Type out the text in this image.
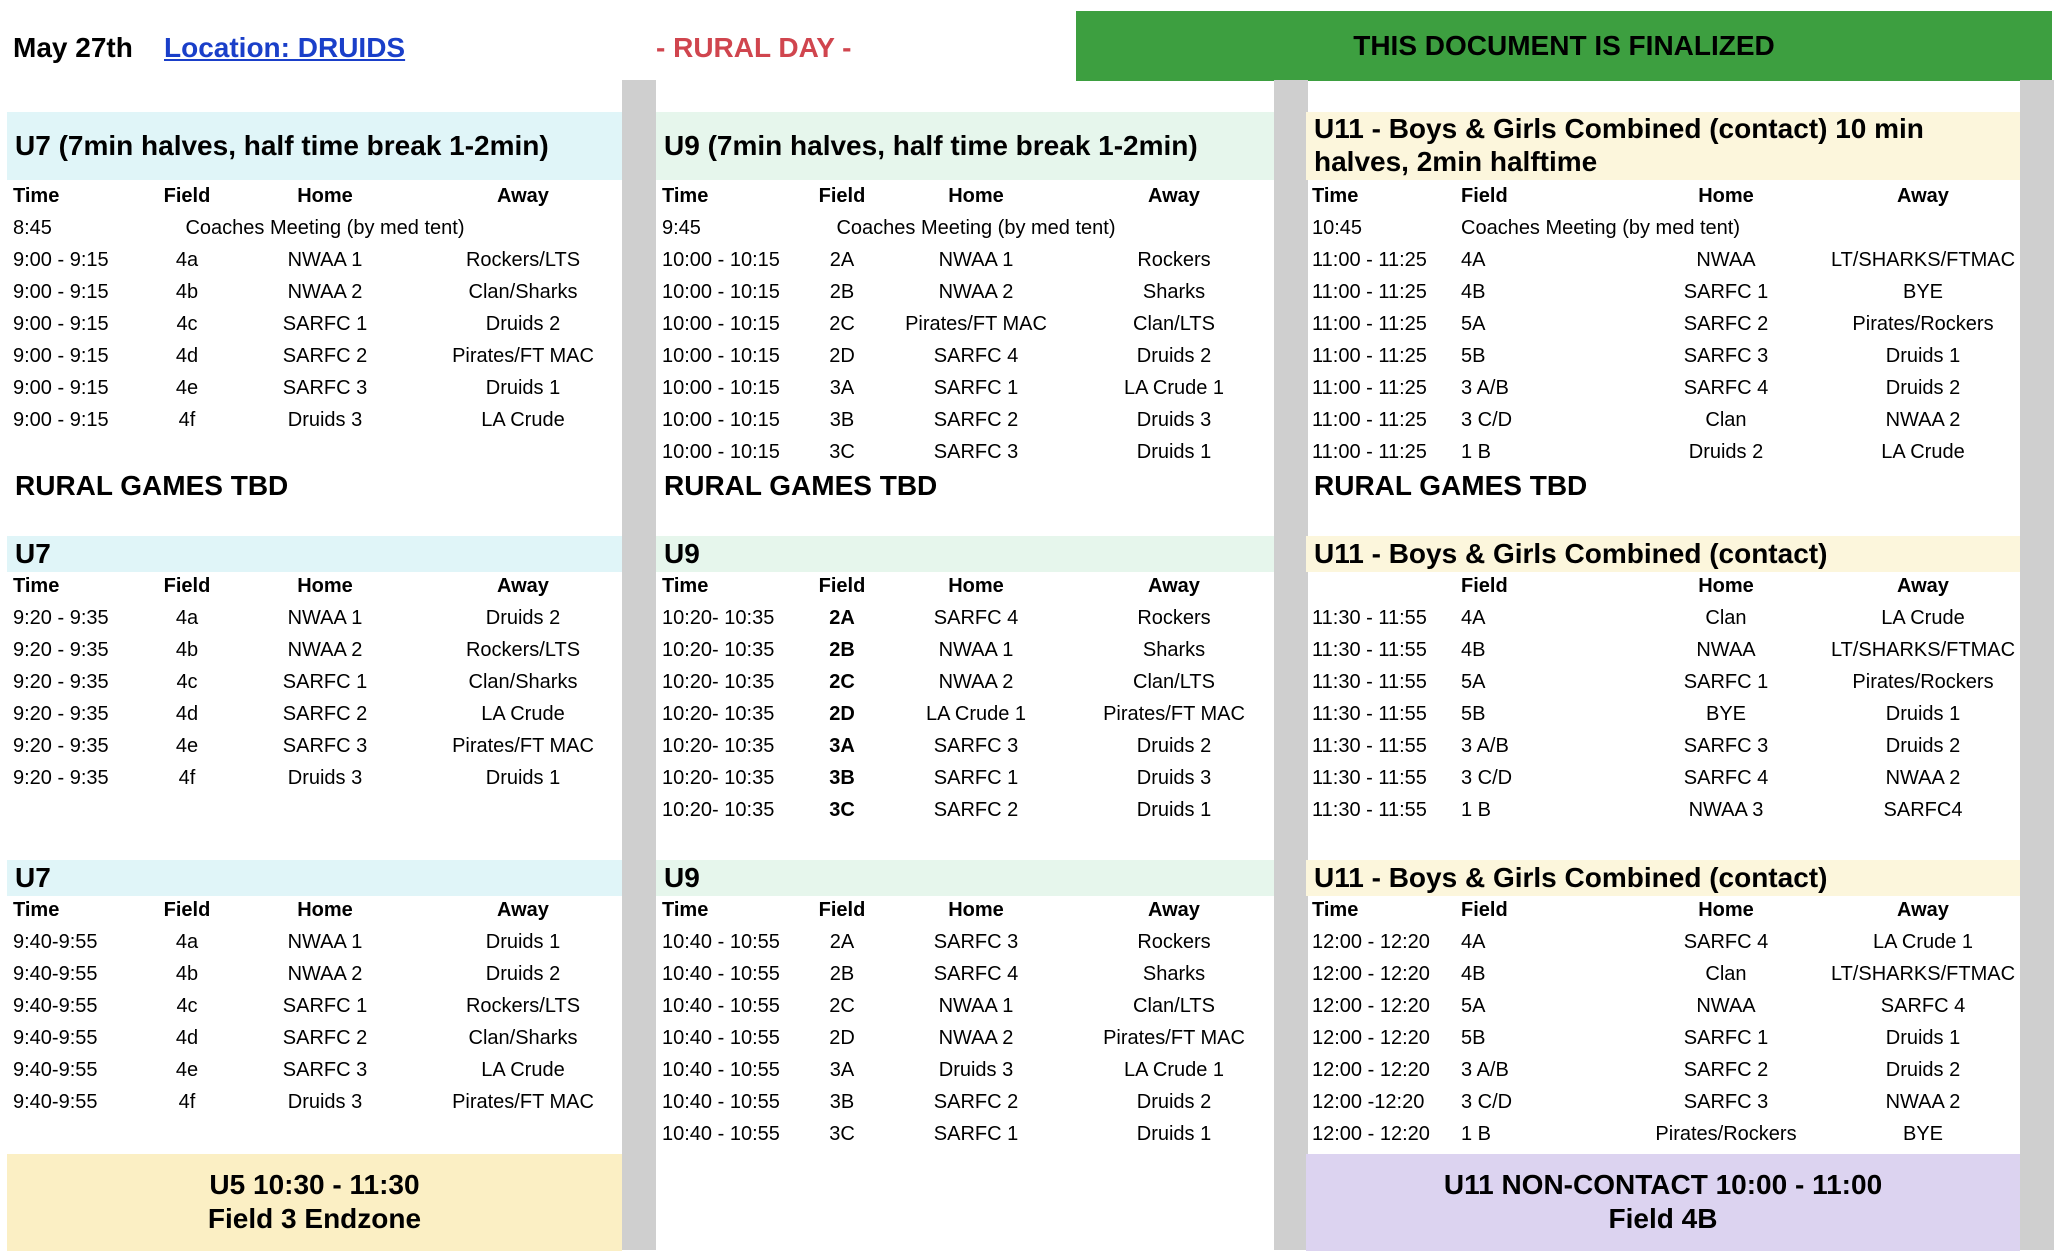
May 27th Location: DRUIDS	- RURAL DAY -	THIS DOCUMENT IS FINALIZED
U7 (7min halves, half time break 1-2min)
Time	Field	Home	Away
8:45	Coaches Meeting (by med tent)
9:00 - 9:15	4a	NWAA 1	Rockers/LTS
9:00 - 9:15	4b	NWAA 2	Clan/Sharks
9:00 - 9:15	4c	SARFC 1	Druids 2
9:00 - 9:15	4d	SARFC 2	Pirates/FT MAC
9:00 - 9:15	4e	SARFC 3	Druids 1
9:00 - 9:15	4f	Druids 3	LA Crude
U7
Time	Field	Home	Away
9:20 - 9:35	4a	NWAA 1	Druids 2
9:20 - 9:35	4b	NWAA 2	Rockers/LTS
9:20 - 9:35	4c	SARFC 1	Clan/Sharks
9:20 - 9:35	4d	SARFC 2	LA Crude
9:20 - 9:35	4e	SARFC 3	Pirates/FT MAC
9:20 - 9:35	4f	Druids 3	Druids 1
U7
Time	Field	Home	Away
9:40-9:55	4a	NWAA 1	Druids 1
9:40-9:55	4b	NWAA 2	Druids 2
9:40-9:55	4c	SARFC 1	Rockers/LTS
9:40-9:55	4d	SARFC 2	Clan/Sharks
9:40-9:55	4e	SARFC 3	LA Crude
9:40-9:55	4f	Druids 3	Pirates/FT MAC
RURAL GAMES TBD
U9 (7min halves, half time break 1-2min)
Time	Field	Home	Away
9:45	Coaches Meeting (by med tent)
10:00 - 10:15	2A	NWAA 1	Rockers
10:00 - 10:15	2B	NWAA 2	Sharks
10:00 - 10:15	2C	Pirates/FT MAC	Clan/LTS
10:00 - 10:15	2D	SARFC 4	Druids 2
10:00 - 10:15	3A	SARFC 1	LA Crude 1
10:00 - 10:15	3B	SARFC 2	Druids 3
10:00 - 10:15	3C	SARFC 3	Druids 1
U9
Time	Field	Home	Away
10:20- 10:35	2A	SARFC 4	Rockers
10:20- 10:35	2B	NWAA 1	Sharks
10:20- 10:35	2C	NWAA 2	Clan/LTS
10:20- 10:35	2D	LA Crude 1	Pirates/FT MAC
10:20- 10:35	3A	SARFC 3	Druids 2
10:20- 10:35	3B	SARFC 1	Druids 3
10:20- 10:35	3C	SARFC 2	Druids 1
U9
Time	Field	Home	Away
10:40 - 10:55	2A	SARFC 3	Rockers
10:40 - 10:55	2B	SARFC 4	Sharks
10:40 - 10:55	2C	NWAA 1	Clan/LTS
10:40 - 10:55	2D	NWAA 2	Pirates/FT MAC
10:40 - 10:55	3A	Druids 3	LA Crude 1
10:40 - 10:55	3B	SARFC 2	Druids 2
10:40 - 10:55	3C	SARFC 1	Druids 1
RURAL GAMES TBD
U11 - Boys & Girls Combined (contact) 10 min halves, 2min halftime
Time	Field	Home	Away
10:45	Coaches Meeting (by med tent)
11:00 - 11:25 4A	NWAA	LT/SHARKS/FTMAC
11:00 - 11:25 4B	SARFC 1	BYE
11:00 - 11:25 5A	SARFC 2	Pirates/Rockers
11:00 - 11:25 5B	SARFC 3	Druids 1
11:00 - 11:25 3 A/B	SARFC 4	Druids 2
11:00 - 11:25 3 C/D	Clan	NWAA 2
11:00 - 11:25 1 B	Druids 2	LA Crude
U11 - Boys & Girls Combined (contact)
Field	Home	Away
11:30 - 11:55 4A	Clan	LA Crude
11:30 - 11:55 4B	NWAA	LT/SHARKS/FTMAC
11:30 - 11:55 5A	SARFC 1	Pirates/Rockers
11:30 - 11:55 5B	BYE	Druids 1
11:30 - 11:55 3 A/B	SARFC 3	Druids 2
11:30 - 11:55 3 C/D	SARFC 4	NWAA 2
11:30 - 11:55 1 B	NWAA 3	SARFC4
U11 - Boys & Girls Combined (contact)
Time	Field	Home	Away
12:00 - 12:20 4A	SARFC 4	LA Crude 1
12:00 - 12:20 4B	Clan	LT/SHARKS/FTMAC
12:00 - 12:20 5A	NWAA	SARFC 4
12:00 - 12:20 5B	SARFC 1	Druids 1
12:00 - 12:20 3 A/B	SARFC 2	Druids 2
12:00 -12:20 3 C/D	SARFC 3	NWAA 2
12:00 - 12:20 1 B	Pirates/Rockers	BYE
RURAL GAMES TBD
U5 10:30 - 11:30
Field 3 Endzone
U11 NON-CONTACT 10:00 - 11:00
Field 4B
